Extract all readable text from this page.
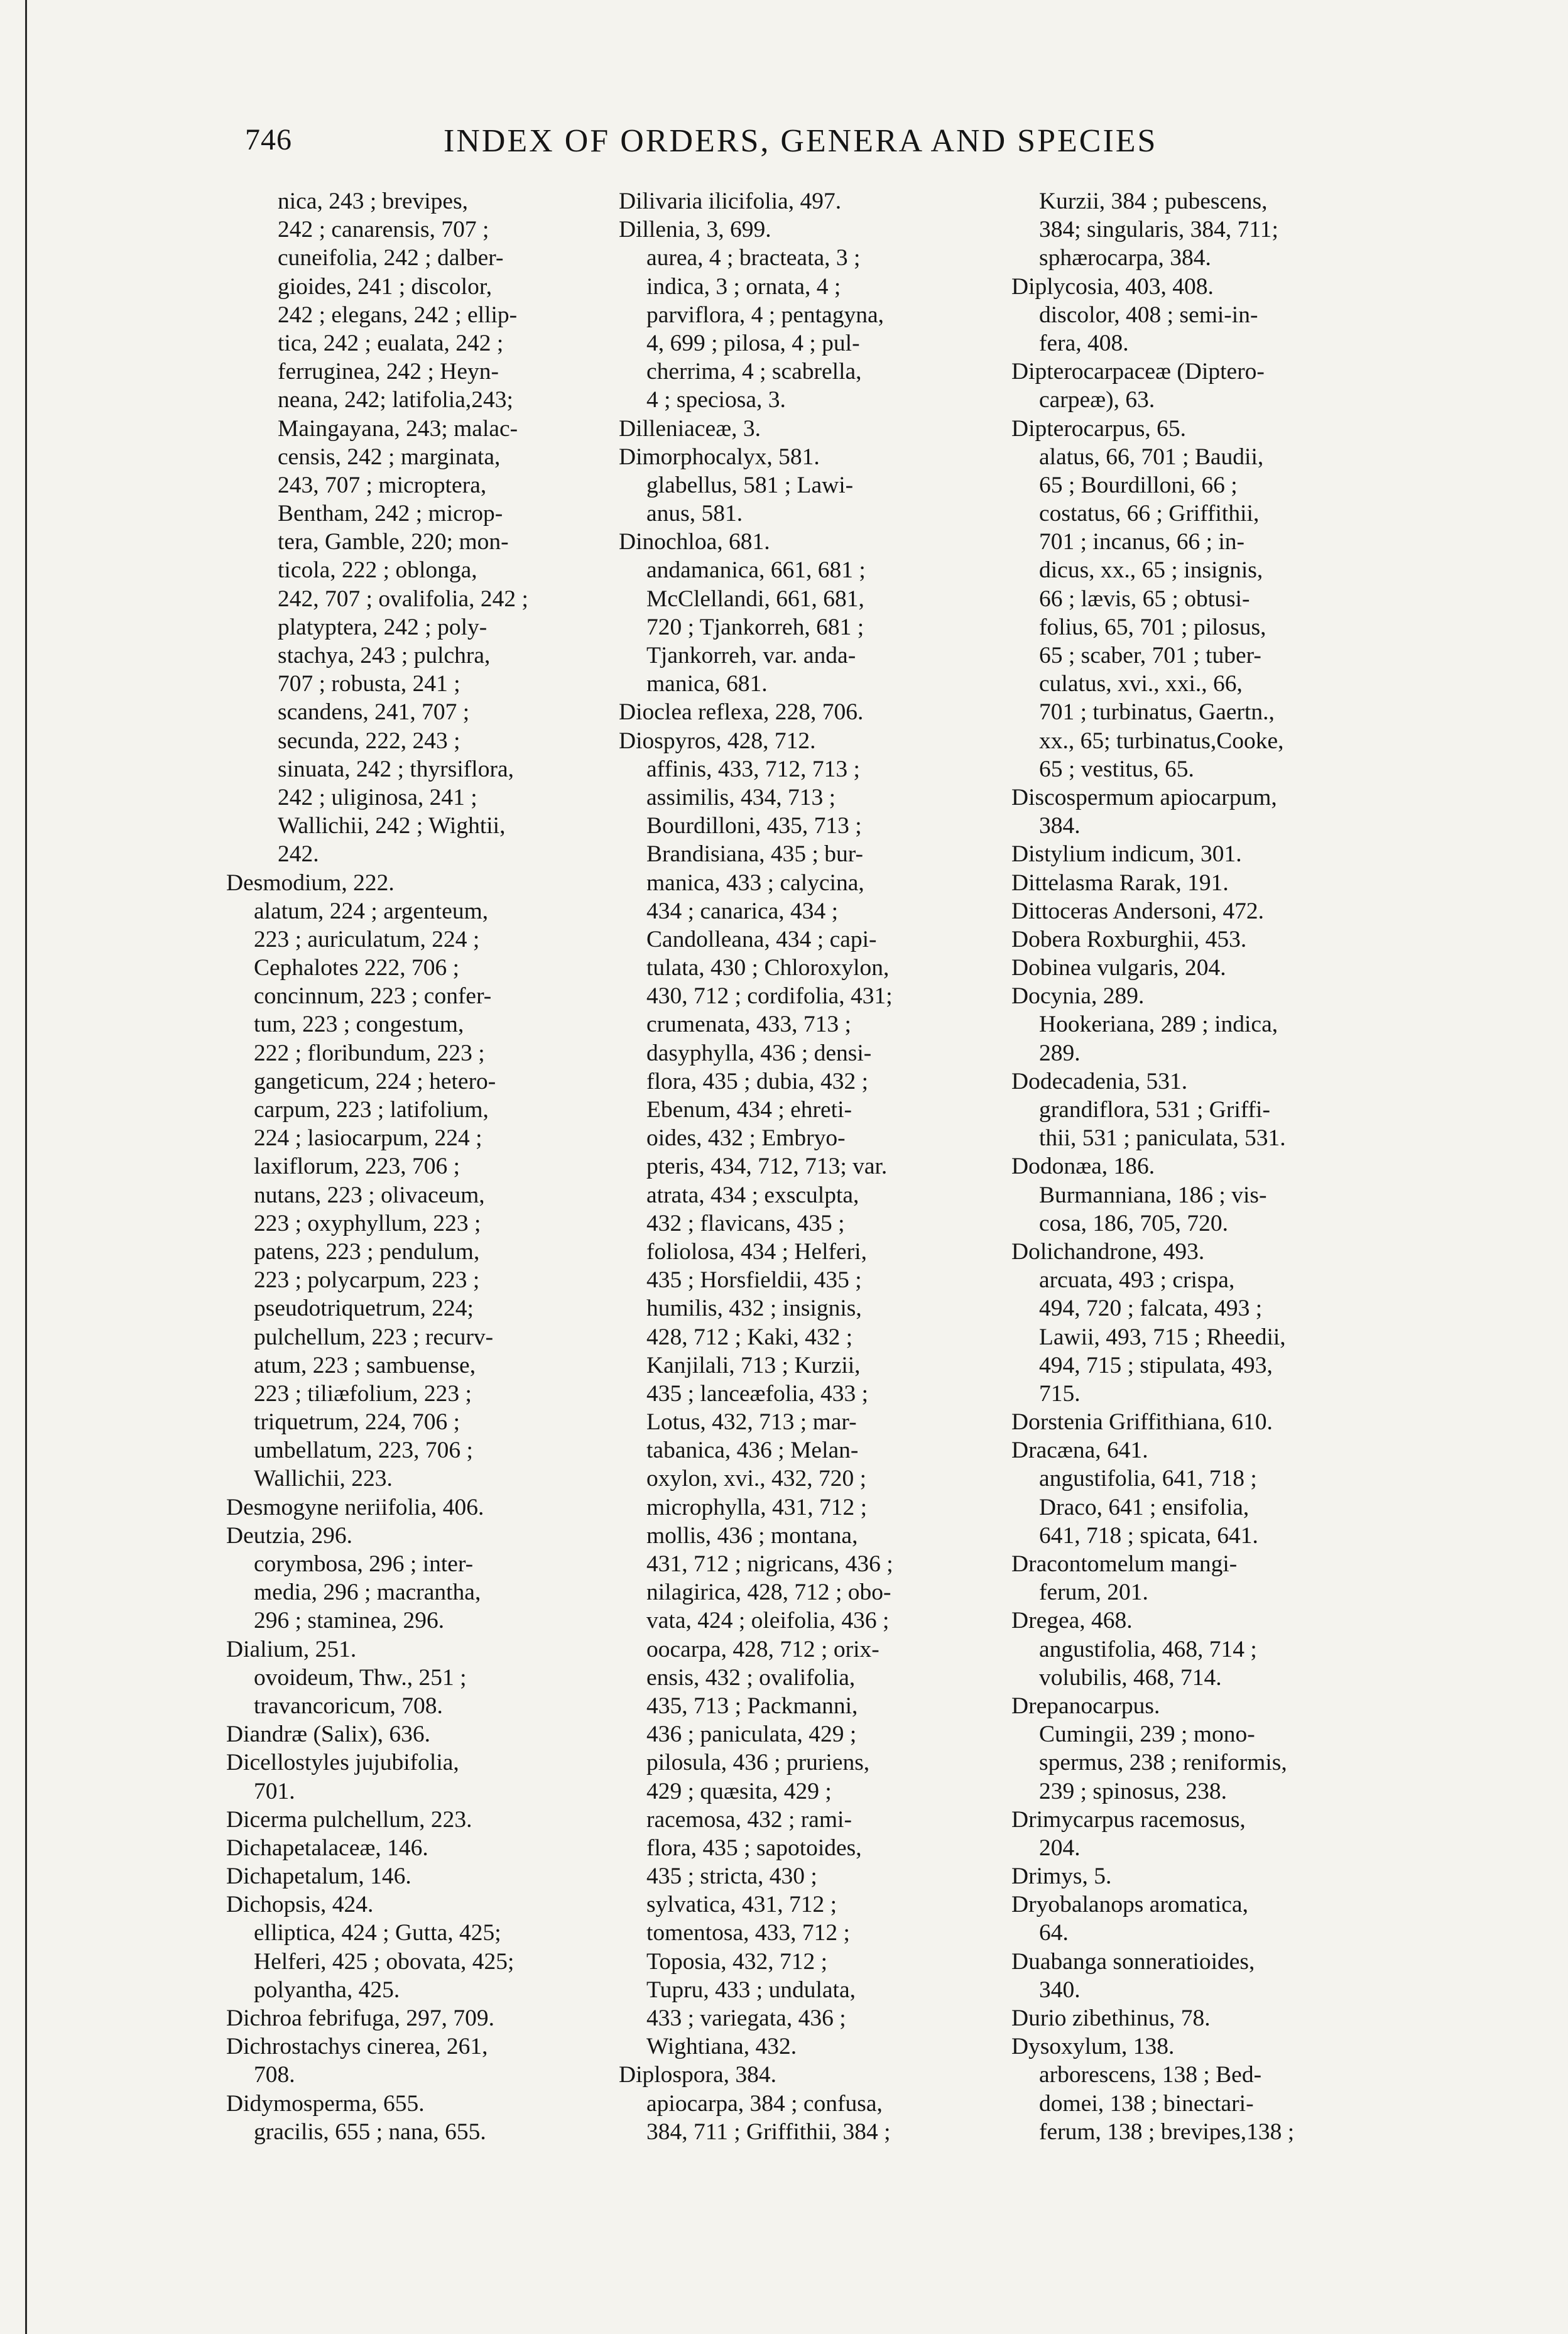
746	INDEX OF ORDERS, GENERA AND SPECIES
nica, 243 ; brevipes,
242 ; canarensis, 707 ;
cuneifolia, 242 ; dalber-
gioides, 241 ; discolor,
242 ; elegans, 242 ; ellip-
tica, 242 ; eualata, 242 ;
ferruginea, 242 ; Heyn-
neana, 242; latifolia,243;
Maingayana, 243; malac-
censis, 242 ; marginata,
243, 707 ; microptera,
Bentham, 242 ; microp-
tera, Gamble, 220; mon-
ticola, 222 ; oblonga,
242, 707 ; ovalifolia, 242 ;
platyptera, 242 ; poly-
stachya, 243 ; pulchra,
707 ; robusta, 241 ;
scandens, 241, 707 ;
secunda, 222, 243 ;
sinuata, 242 ; thyrsiflora,
242 ; uliginosa, 241 ;
Wallichii, 242 ; Wightii,
242.
Desmodium, 222.
alatum, 224 ; argenteum,
223 ; auriculatum, 224 ;
Cephalotes 222, 706 ;
concinnum, 223 ; confer-
tum, 223 ; congestum,
222 ; floribundum, 223 ;
gangeticum, 224 ; hetero-
carpum, 223 ; latifolium,
224 ; lasiocarpum, 224 ;
laxiflorum, 223, 706 ;
nutans, 223 ; olivaceum,
223 ; oxyphyllum, 223 ;
patens, 223 ; pendulum,
223 ; polycarpum, 223 ;
pseudotriquetrum, 224;
pulchellum, 223 ; recurv-
atum, 223 ; sambuense,
223 ; tiliæfolium, 223 ;
triquetrum, 224, 706 ;
umbellatum, 223, 706 ;
Wallichii, 223.
Desmogyne neriifolia, 406.
Deutzia, 296.
corymbosa, 296 ; inter-
media, 296 ; macrantha,
296 ; staminea, 296.
Dialium, 251.
ovoideum, Thw., 251 ;
travancoricum, 708.
Diandræ (Salix), 636.
Dicellostyles jujubifolia,
701.
Dicerma pulchellum, 223.
Dichapetalaceæ, 146.
Dichapetalum, 146.
Dichopsis, 424.
elliptica, 424 ; Gutta, 425;
Helferi, 425 ; obovata, 425;
polyantha, 425.
Dichroa febrifuga, 297, 709.
Dichrostachys cinerea, 261,
708.
Didymosperma, 655.
gracilis, 655 ; nana, 655.
Dilivaria ilicifolia, 497.
Dillenia, 3, 699.
aurea, 4 ; bracteata, 3 ;
indica, 3 ; ornata, 4 ;
parviflora, 4 ; pentagyna,
4, 699 ; pilosa, 4 ; pul-
cherrima, 4 ; scabrella,
4 ; speciosa, 3.
Dilleniaceæ, 3.
Dimorphocalyx, 581.
glabellus, 581 ; Lawi-
anus, 581.
Dinochloa, 681.
andamanica, 661, 681 ;
McClellandi, 661, 681,
720 ; Tjankorreh, 681 ;
Tjankorreh, var. anda-
manica, 681.
Dioclea reflexa, 228, 706.
Diospyros, 428, 712.
affinis, 433, 712, 713 ;
assimilis, 434, 713 ;
Bourdilloni, 435, 713 ;
Brandisiana, 435 ; bur-
manica, 433 ; calycina,
434 ; canarica, 434 ;
Candolleana, 434 ; capi-
tulata, 430 ; Chloroxylon,
430, 712 ; cordifolia, 431;
crumenata, 433, 713 ;
dasyphylla, 436 ; densi-
flora, 435 ; dubia, 432 ;
Ebenum, 434 ; ehreti-
oides, 432 ; Embryo-
pteris, 434, 712, 713; var.
atrata, 434 ; exsculpta,
432 ; flavicans, 435 ;
foliolosa, 434 ; Helferi,
435 ; Horsfieldii, 435 ;
humilis, 432 ; insignis,
428, 712 ; Kaki, 432 ;
Kanjilali, 713 ; Kurzii,
435 ; lanceæfolia, 433 ;
Lotus, 432, 713 ; mar-
tabanica, 436 ; Melan-
oxylon, xvi., 432, 720 ;
microphylla, 431, 712 ;
mollis, 436 ; montana,
431, 712 ; nigricans, 436 ;
nilagirica, 428, 712 ; obo-
vata, 424 ; oleifolia, 436 ;
oocarpa, 428, 712 ; orix-
ensis, 432 ; ovalifolia,
435, 713 ; Packmanni,
436 ; paniculata, 429 ;
pilosula, 436 ; pruriens,
429 ; quæsita, 429 ;
racemosa, 432 ; rami-
flora, 435 ; sapotoides,
435 ; stricta, 430 ;
sylvatica, 431, 712 ;
tomentosa, 433, 712 ;
Toposia, 432, 712 ;
Tupru, 433 ; undulata,
433 ; variegata, 436 ;
Wightiana, 432.
Diplospora, 384.
apiocarpa, 384 ; confusa,
384, 711 ; Griffithii, 384 ;
Kurzii, 384 ; pubescens,
384; singularis, 384, 711;
sphærocarpa, 384.
Diplycosia, 403, 408.
discolor, 408 ; semi-in-
fera, 408.
Dipterocarpaceæ (Diptero-
carpeæ), 63.
Dipterocarpus, 65.
alatus, 66, 701 ; Baudii,
65 ; Bourdilloni, 66 ;
costatus, 66 ; Griffithii,
701 ; incanus, 66 ; in-
dicus, xx., 65 ; insignis,
66 ; lævis, 65 ; obtusi-
folius, 65, 701 ; pilosus,
65 ; scaber, 701 ; tuber-
culatus, xvi., xxi., 66,
701 ; turbinatus, Gaertn.,
xx., 65; turbinatus,Cooke,
65 ; vestitus, 65.
Discospermum apiocarpum,
384.
Distylium indicum, 301.
Dittelasma Rarak, 191.
Dittoceras Andersoni, 472.
Dobera Roxburghii, 453.
Dobinea vulgaris, 204.
Docynia, 289.
Hookeriana, 289 ; indica,
289.
Dodecadenia, 531.
grandiflora, 531 ; Griffi-
thii, 531 ; paniculata, 531.
Dodonæa, 186.
Burmanniana, 186 ; vis-
cosa, 186, 705, 720.
Dolichandrone, 493.
arcuata, 493 ; crispa,
494, 720 ; falcata, 493 ;
Lawii, 493, 715 ; Rheedii,
494, 715 ; stipulata, 493,
715.
Dorstenia Griffithiana, 610.
Dracæna, 641.
angustifolia, 641, 718 ;
Draco, 641 ; ensifolia,
641, 718 ; spicata, 641.
Dracontomelum mangi-
ferum, 201.
Dregea, 468.
angustifolia, 468, 714 ;
volubilis, 468, 714.
Drepanocarpus.
Cumingii, 239 ; mono-
spermus, 238 ; reniformis,
239 ; spinosus, 238.
Drimycarpus racemosus,
204.
Drimys, 5.
Dryobalanops aromatica,
64.
Duabanga sonneratioides,
340.
Durio zibethinus, 78.
Dysoxylum, 138.
arborescens, 138 ; Bed-
domei, 138 ; binectari-
ferum, 138 ; brevipes,138 ;
